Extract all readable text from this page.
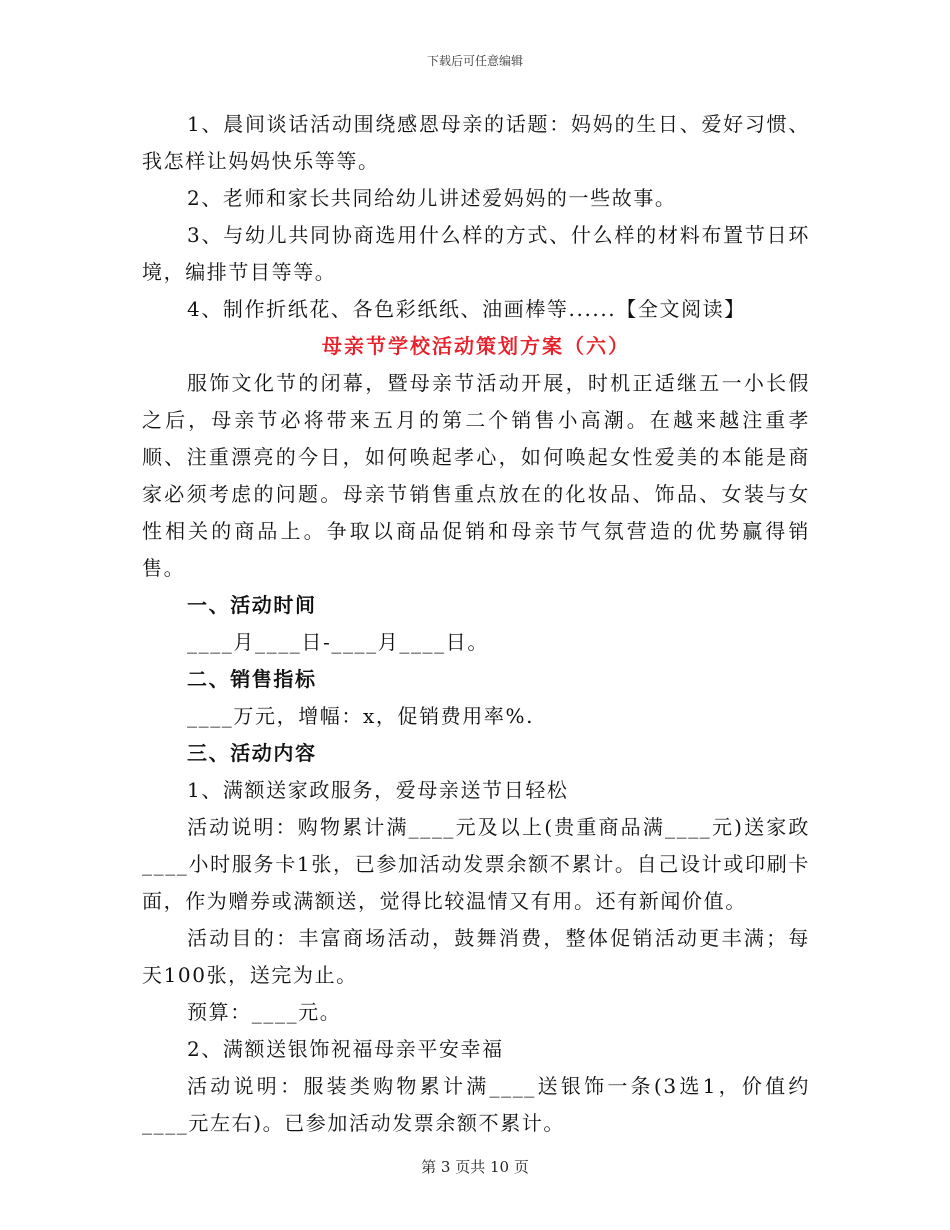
下载后可任意编辑

1、晨间谈话活动围绕感恩母亲的话题：妈妈的生日、爱好习惯、我怎样让妈妈快乐等等。

2、老师和家长共同给幼儿讲述爱妈妈的一些故事。

3、与幼儿共同协商选用什么样的方式、什么样的材料布置节日环境，编排节目等等。

4、制作折纸花、各色彩纸纸、油画棒等......【全文阅读】

母亲节学校活动策划方案（六）

服饰文化节的闭幕，暨母亲节活动开展，时机正适继五一小长假之后，母亲节必将带来五月的第二个销售小高潮。在越来越注重孝顺、注重漂亮的今日，如何唤起孝心，如何唤起女性爱美的本能是商家必须考虑的问题。母亲节销售重点放在的化妆品、饰品、女装与女性相关的商品上。争取以商品促销和母亲节气氛营造的优势赢得销售。

一、活动时间

____月____日-____月____日。

二、销售指标

____万元，增幅：x，促销费用率%.

三、活动内容

1、满额送家政服务，爱母亲送节日轻松

活动说明：购物累计满____元及以上(贵重商品满____元)送家政____小时服务卡1张，已参加活动发票余额不累计。自己设计或印刷卡面，作为赠券或满额送，觉得比较温情又有用。还有新闻价值。

活动目的：丰富商场活动，鼓舞消费，整体促销活动更丰满；每天100张，送完为止。

预算：____元。

2、满额送银饰祝福母亲平安幸福

活动说明：服装类购物累计满____送银饰一条(3选1，价值约____元左右)。已参加活动发票余额不累计。

第 3 页共 10 页
